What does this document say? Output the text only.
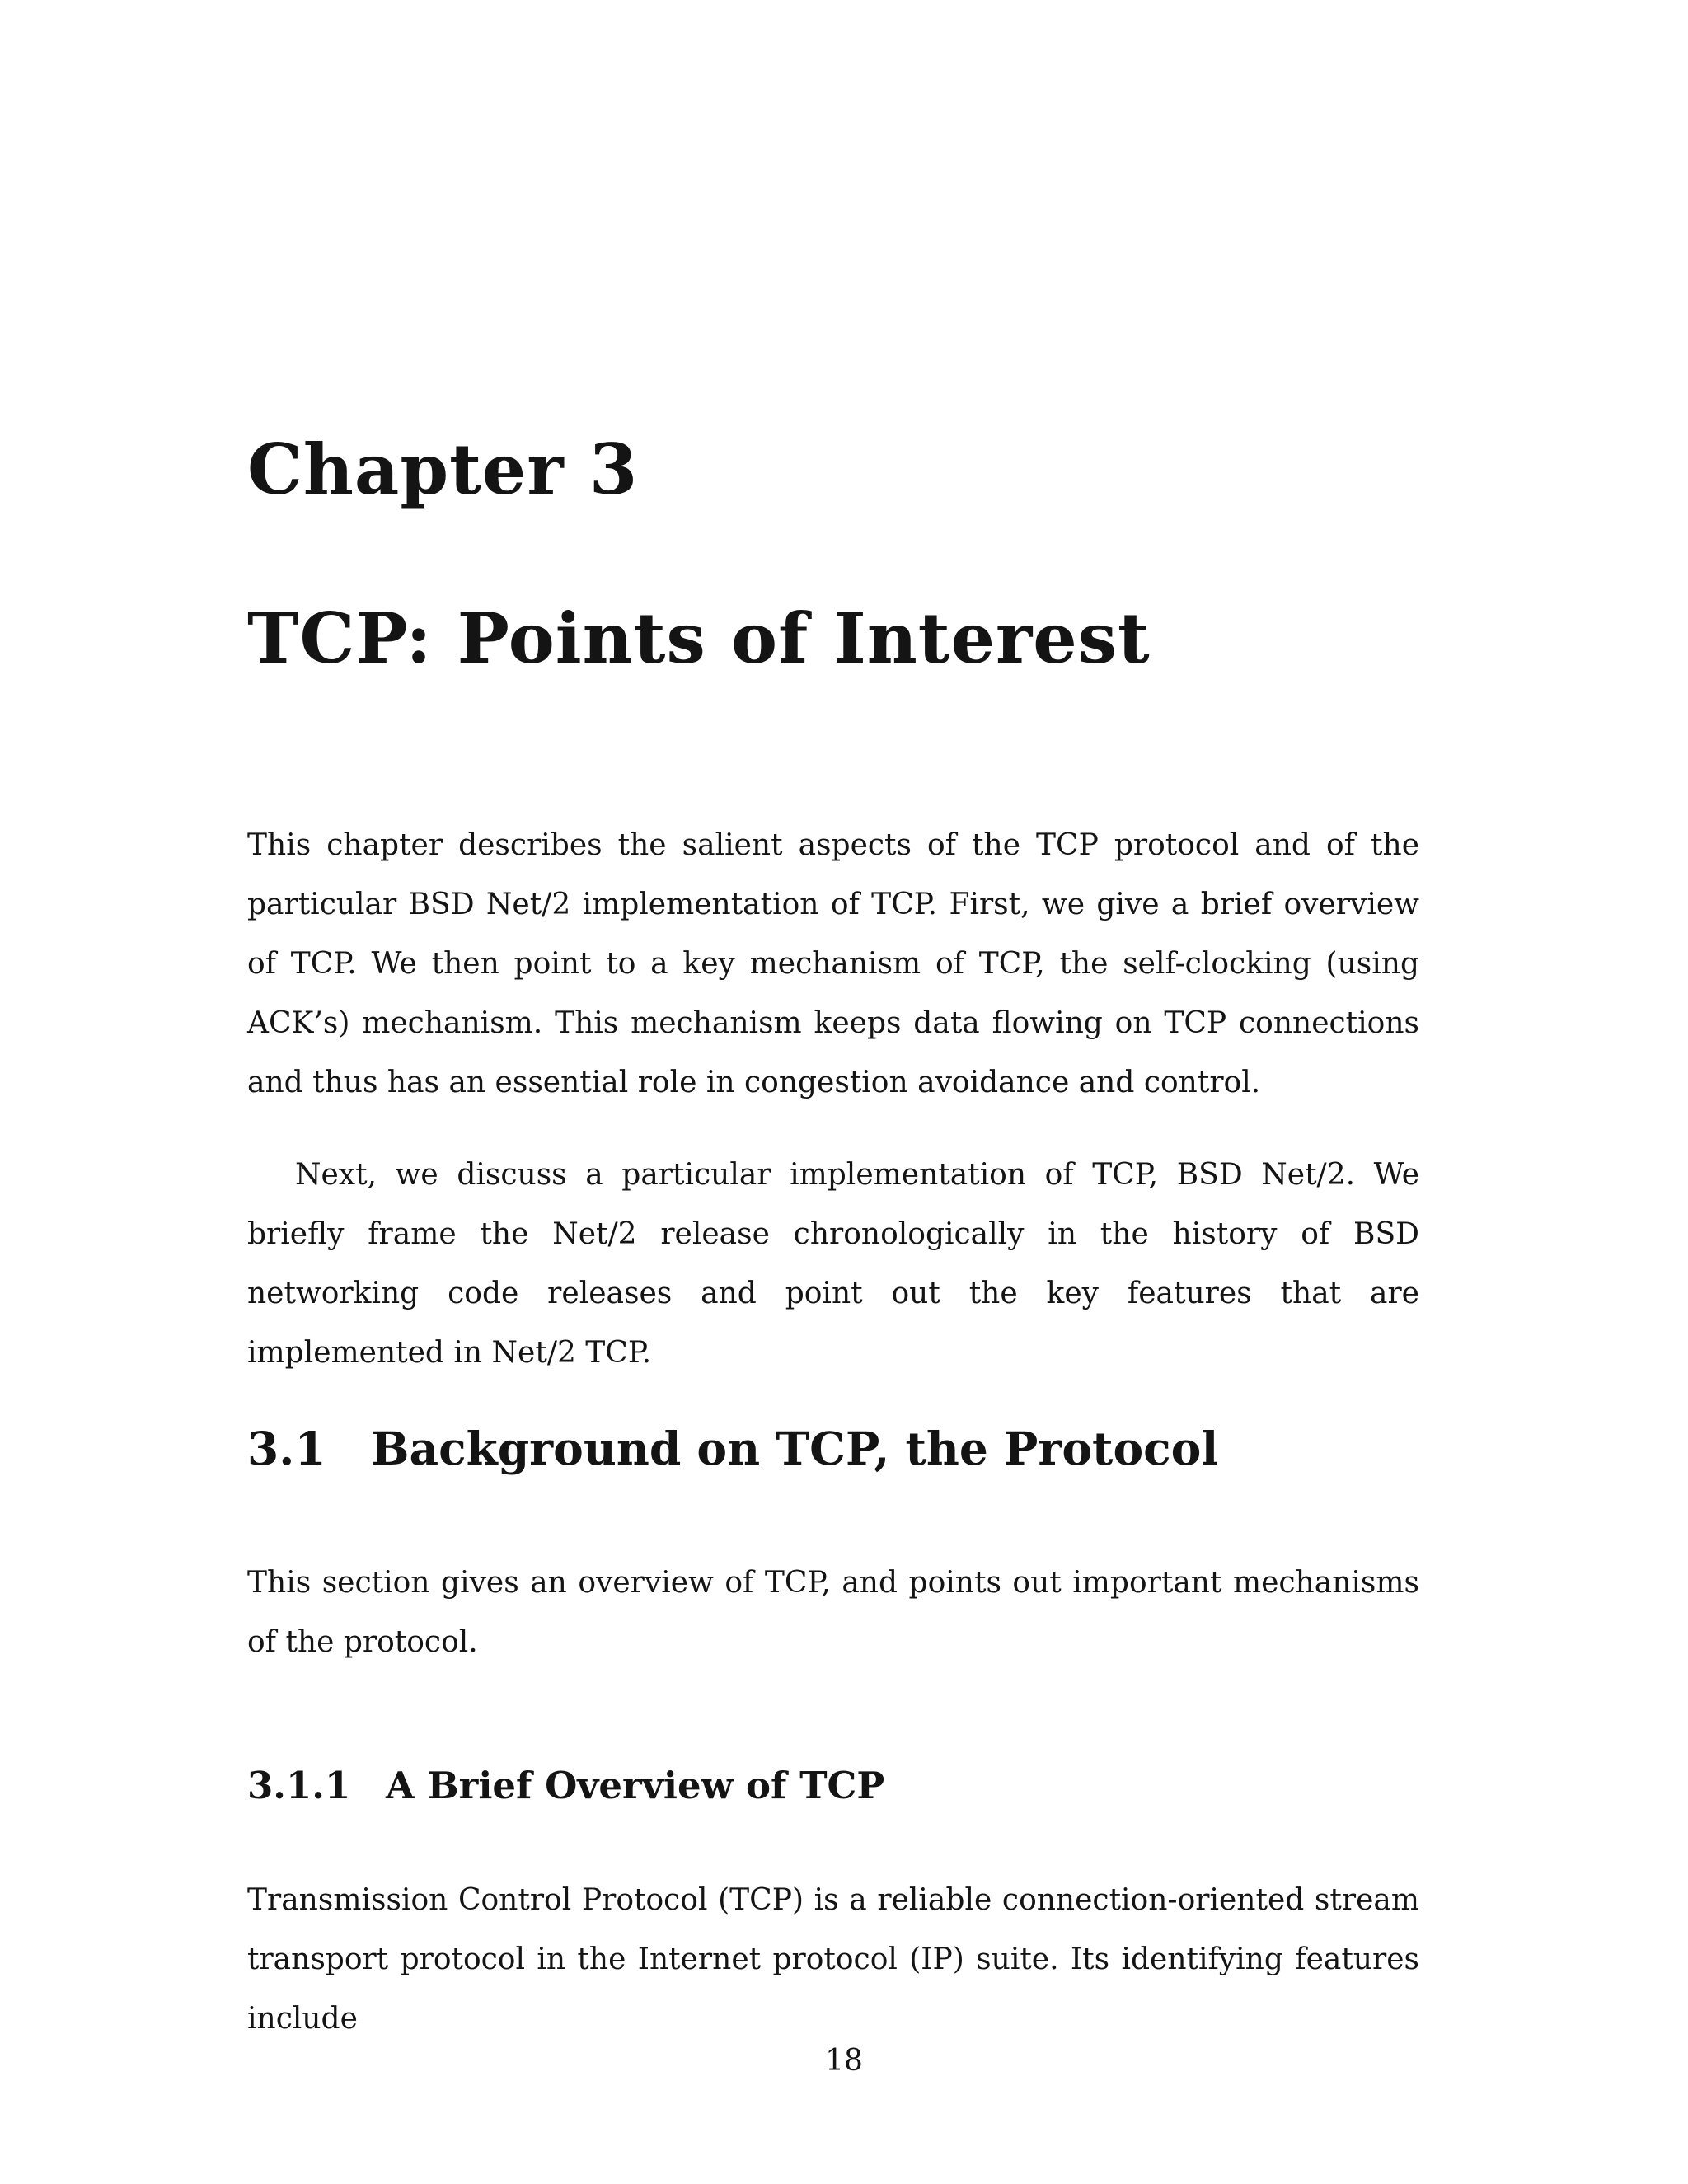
Chapter 3
TCP: Points of Interest

This chapter describes the salient aspects of the TCP protocol and of the particular BSD Net/2 implementation of TCP. First, we give a brief overview of TCP. We then point to a key mechanism of TCP, the self-clocking (using ACK’s) mechanism. This mechanism keeps data flowing on TCP connections and thus has an essential role in congestion avoidance and control.

Next, we discuss a particular implementation of TCP, BSD Net/2. We briefly frame the Net/2 release chronologically in the history of BSD networking code releases and point out the key features that are implemented in Net/2 TCP.

3.1 Background on TCP, the Protocol

This section gives an overview of TCP, and points out important mechanisms of the protocol.

3.1.1 A Brief Overview of TCP

Transmission Control Protocol (TCP) is a reliable connection-oriented stream transport protocol in the Internet protocol (IP) suite. Its identifying features include

18
